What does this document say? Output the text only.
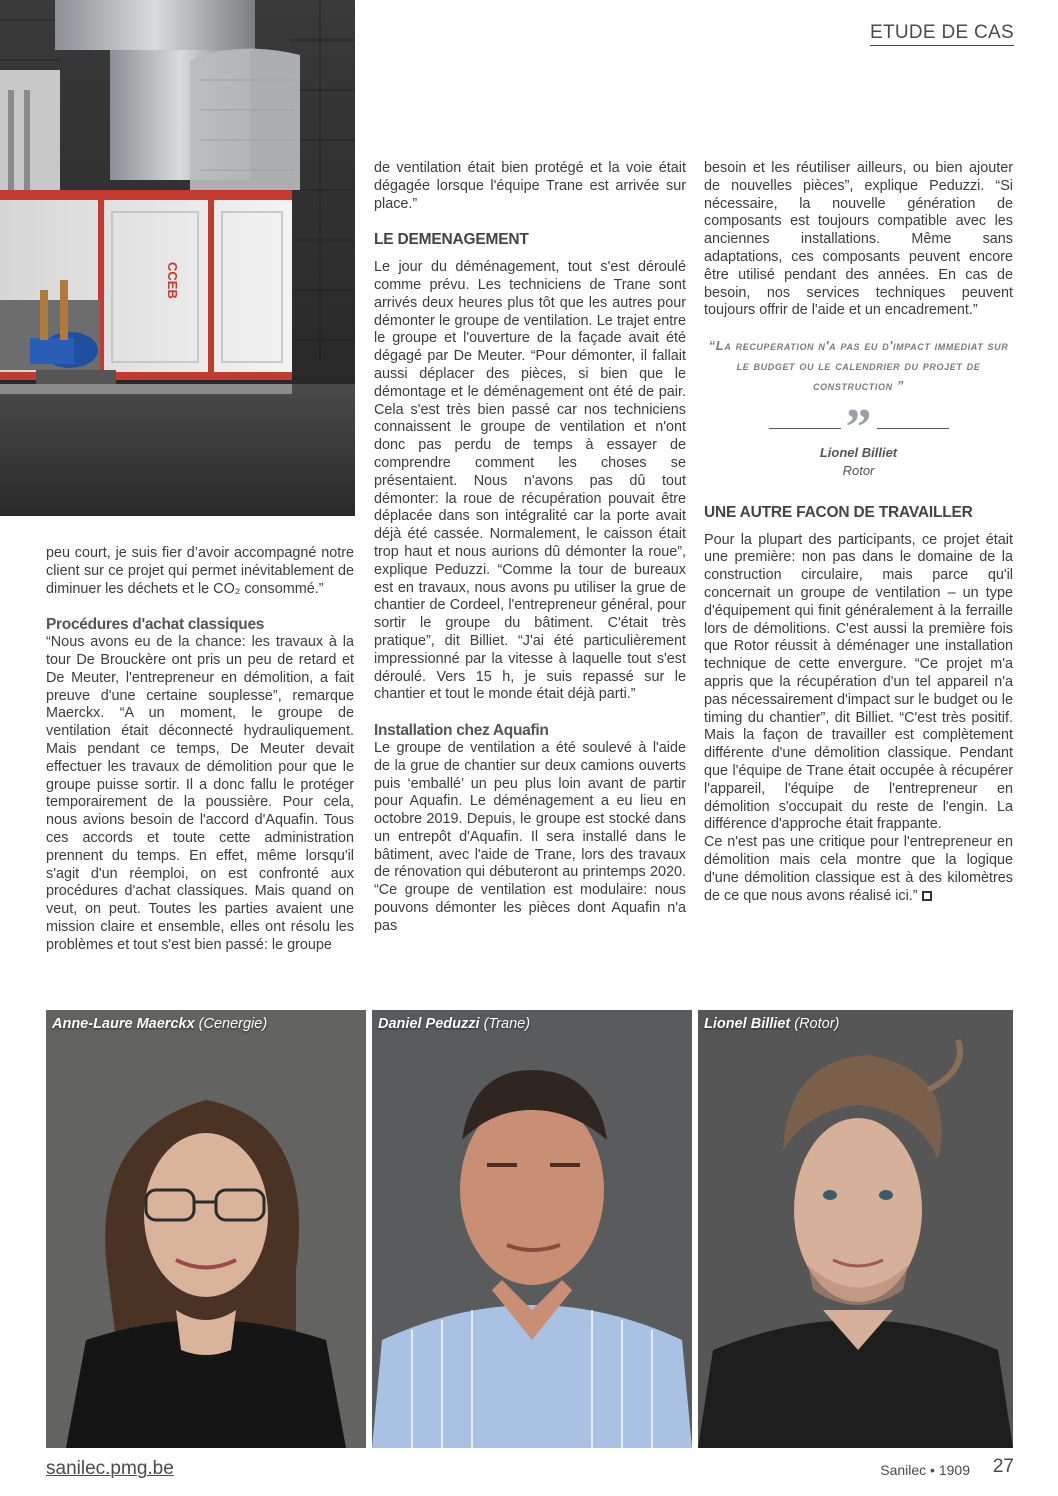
ETUDE DE CAS
CCEB

peu court, je suis fier d’avoir accompagné notre client sur ce projet qui permet inévitablement de diminuer les déchets et le CO₂ consommé.”

Procédures d'achat classiques

“Nous avons eu de la chance: les travaux à la tour De Brouckère ont pris un peu de retard et De Meuter, l'entrepreneur en démolition, a fait preuve d'une certaine souplesse”, remarque Maerckx. “A un moment, le groupe de ventilation était déconnecté hydrauliquement. Mais pendant ce temps, De Meuter devait effectuer les travaux de démolition pour que le groupe puisse sortir. Il a donc fallu le protéger temporairement de la poussière. Pour cela, nous avions besoin de l'accord d'Aquafin. Tous ces accords et toute cette administration prennent du temps. En effet, même lorsqu'il s'agit d'un réemploi, on est confronté aux procédures d'achat classiques. Mais quand on veut, on peut. Toutes les parties avaient une mission claire et ensemble, elles ont résolu les problèmes et tout s'est bien passé: le groupe

de ventilation était bien protégé et la voie était dégagée lorsque l'équipe Trane est arrivée sur place.”

LE DEMENAGEMENT

Le jour du déménagement, tout s'est déroulé comme prévu. Les techniciens de Trane sont arrivés deux heures plus tôt que les autres pour démonter le groupe de ventilation. Le trajet entre le groupe et l'ouverture de la façade avait été dégagé par De Meuter. “Pour démonter, il fallait aussi déplacer des pièces, si bien que le démontage et le déménagement ont été de pair. Cela s'est très bien passé car nos techniciens connaissent le groupe de ventilation et n'ont donc pas perdu de temps à essayer de comprendre comment les choses se présentaient. Nous n'avons pas dû tout démonter: la roue de récupération pouvait être déplacée dans son intégralité car la porte avait déjà été cassée. Normalement, le caisson était trop haut et nous aurions dû démonter la roue”, explique Peduzzi. “Comme la tour de bureaux est en travaux, nous avons pu utiliser la grue de chantier de Cordeel, l'entrepreneur général, pour sortir le groupe du bâtiment. C'était très pratique”, dit Billiet. “J'ai été particulièrement impressionné par la vitesse à laquelle tout s'est déroulé. Vers 15 h, je suis repassé sur le chantier et tout le monde était déjà parti.”

Installation chez Aquafin

Le groupe de ventilation a été soulevé à l'aide de la grue de chantier sur deux camions ouverts puis ‘emballé’ un peu plus loin avant de partir pour Aquafin. Le déménagement a eu lieu en octobre 2019. Depuis, le groupe est stocké dans un entrepôt d'Aquafin. Il sera installé dans le bâtiment, avec l'aide de Trane, lors des travaux de rénovation qui débuteront au printemps 2020. “Ce groupe de ventilation est modulaire: nous pouvons démonter les pièces dont Aquafin n'a pas

besoin et les réutiliser ailleurs, ou bien ajouter de nouvelles pièces”, explique Peduzzi. “Si nécessaire, la nouvelle génération de composants est toujours compatible avec les anciennes installations. Même sans adaptations, ces composants peuvent encore être utilisé pendant des années. En cas de besoin, nos services techniques peuvent toujours offrir de l'aide et un encadrement.”

“La recuperation n'a pas eu d'impact immediat sur le budget ou le calendrier du projet de construction ”

”

Lionel Billiet

Rotor

UNE AUTRE FACON DE TRAVAILLER

Pour la plupart des participants, ce projet était une première: non pas dans le domaine de la construction circulaire, mais parce qu'il concernait un groupe de ventilation – un type d'équipement qui finit généralement à la ferraille lors de démolitions. C'est aussi la première fois que Rotor réussit à déménager une installation technique de cette envergure. “Ce projet m'a appris que la récupération d'un tel appareil n'a pas nécessairement d'impact sur le budget ou le timing du chantier”, dit Billiet. “C'est très positif. Mais la façon de travailler est complètement différente d'une démolition classique. Pendant que l'équipe de Trane était occupée à récupérer l'appareil, l'équipe de l'entrepreneur en démolition s'occupait du reste de l'engin. La différence d'approche était frappante.

Ce n'est pas une critique pour l'entrepreneur en démolition mais cela montre que la logique d'une démolition classique est à des kilomètres de ce que nous avons réalisé ici.”

Anne-Laure Maerckx (Cenergie)	Daniel Peduzzi (Trane)	Lionel Billiet (Rotor)
sanilec.pmg.be	Sanilec • 1909 27
